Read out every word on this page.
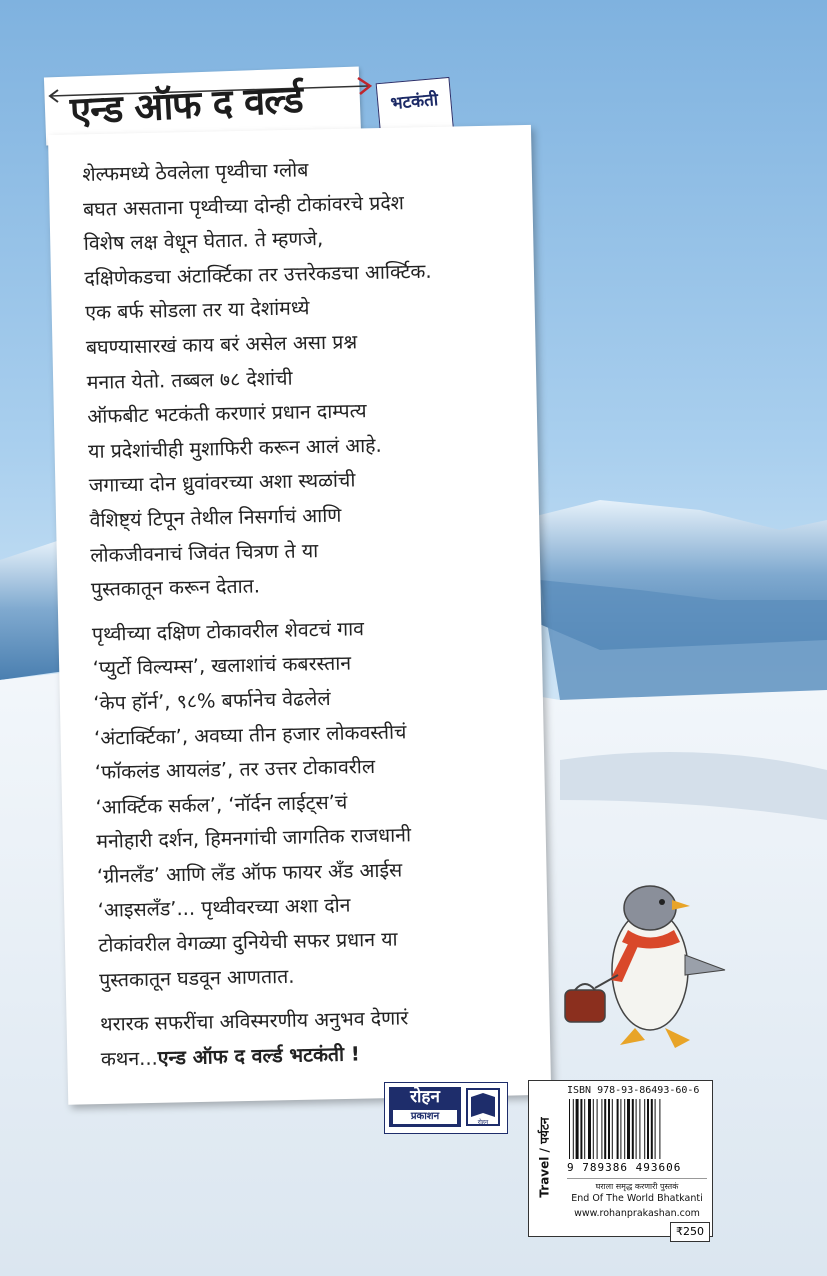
एन्ड ऑफ द वर्ल्ड	भटकंती

शेल्फमध्ये ठेवलेला पृथ्वीचा ग्लोब
बघत असताना पृथ्वीच्या दोन्ही टोकांवरचे प्रदेश
विशेष लक्ष वेधून घेतात. ते म्हणजे,
दक्षिणेकडचा अंटार्क्टिका तर उत्तरेकडचा आर्क्टिक.
एक बर्फ सोडला तर या देशांमध्ये
बघण्यासारखं काय बरं असेल असा प्रश्न
मनात येतो. तब्बल ७८ देशांची
ऑफबीट भटकंती करणारं प्रधान दाम्पत्य
या प्रदेशांचीही मुशाफिरी करून आलं आहे.
जगाच्या दोन ध्रुवांवरच्या अशा स्थळांची
वैशिष्ट्यं टिपून तेथील निसर्गाचं आणि
लोकजीवनाचं जिवंत चित्रण ते या
पुस्तकातून करून देतात.

पृथ्वीच्या दक्षिण टोकावरील शेवटचं गाव
‘प्युर्टो विल्यम्स’, खलाशांचं कबरस्तान
‘केप हॉर्न’, ९८% बर्फानेच वेढलेलं
‘अंटार्क्टिका’, अवघ्या तीन हजार लोकवस्तीचं
‘फॉकलंड आयलंड’, तर उत्तर टोकावरील
‘आर्क्टिक सर्कल’, ‘नॉर्दन लाईट्स’चं
मनोहारी दर्शन, हिमनगांची जागतिक राजधानी
‘ग्रीनलँड’ आणि लँड ऑफ फायर अँड आईस
‘आइसलँड’... पृथ्वीवरच्या अशा दोन
टोकांवरील वेगळ्या दुनियेची सफर प्रधान या
पुस्तकातून घडवून आणतात.

थरारक सफरींचा अविस्मरणीय अनुभव देणारं
कथन...एन्ड ऑफ द वर्ल्ड भटकंती !

रोहन
प्रकाशन
रोहन	Travel / पर्यटन
ISBN 978-93-86493-60-6
9 789386 493606
घराला समृद्ध करणारी पुस्तकं
End Of The World Bhatkanti
www.rohanprakashan.com
₹250
